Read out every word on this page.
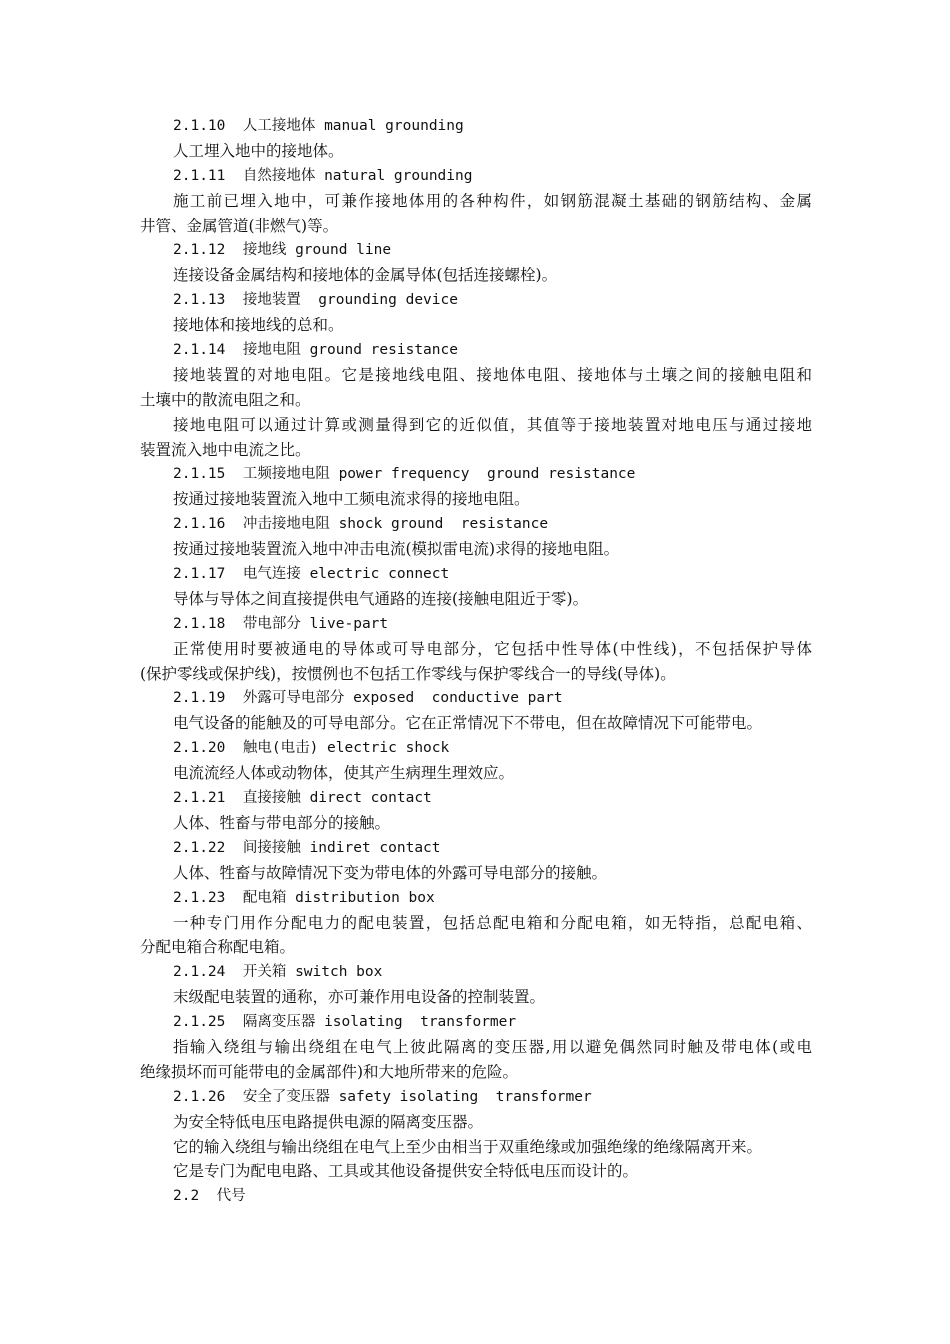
2.1.10  人工接地体 manual grounding
人工埋入地中的接地体。
2.1.11  自然接地体 natural grounding
施工前已埋入地中，可兼作接地体用的各种构件，如钢筋混凝土基础的钢筋结构、金属
井管、金属管道(非燃气)等。
2.1.12  接地线 ground line
连接设备金属结构和接地体的金属导体(包括连接螺栓)。
2.1.13  接地装置  grounding device
接地体和接地线的总和。
2.1.14  接地电阻 ground resistance
接地装置的对地电阻。它是接地线电阻、接地体电阻、接地体与土壤之间的接触电阻和
土壤中的散流电阻之和。
接地电阻可以通过计算或测量得到它的近似值，其值等于接地装置对地电压与通过接地
装置流入地中电流之比。
2.1.15  工频接地电阻 power frequency  ground resistance
按通过接地装置流入地中工频电流求得的接地电阻。
2.1.16  冲击接地电阻 shock ground  resistance
按通过接地装置流入地中冲击电流(模拟雷电流)求得的接地电阻。
2.1.17  电气连接 electric connect
导体与导体之间直接提供电气通路的连接(接触电阻近于零)。
2.1.18  带电部分 live-part
正常使用时要被通电的导体或可导电部分，它包括中性导体(中性线)，不包括保护导体
(保护零线或保护线)，按惯例也不包括工作零线与保护零线合一的导线(导体)。
2.1.19  外露可导电部分 exposed  conductive part
电气设备的能触及的可导电部分。它在正常情况下不带电，但在故障情况下可能带电。
2.1.20  触电(电击) electric shock
电流流经人体或动物体，使其产生病理生理效应。
2.1.21  直接接触 direct contact
人体、牲畜与带电部分的接触。
2.1.22  间接接触 indiret contact
人体、牲畜与故障情况下变为带电体的外露可导电部分的接触。
2.1.23  配电箱 distribution box
一种专门用作分配电力的配电装置，包括总配电箱和分配电箱，如无特指，总配电箱、
分配电箱合称配电箱。
2.1.24  开关箱 switch box
末级配电装置的通称，亦可兼作用电设备的控制装置。
2.1.25  隔离变压器 isolating  transformer
指输入绕组与输出绕组在电气上彼此隔离的变压器,用以避免偶然同时触及带电体(或电
绝缘损坏而可能带电的金属部件)和大地所带来的危险。
2.1.26  安全了变压器 safety isolating  transformer
为安全特低电压电路提供电源的隔离变压器。
它的输入绕组与输出绕组在电气上至少由相当于双重绝缘或加强绝缘的绝缘隔离开来。
它是专门为配电电路、工具或其他设备提供安全特低电压而设计的。
2.2  代号
